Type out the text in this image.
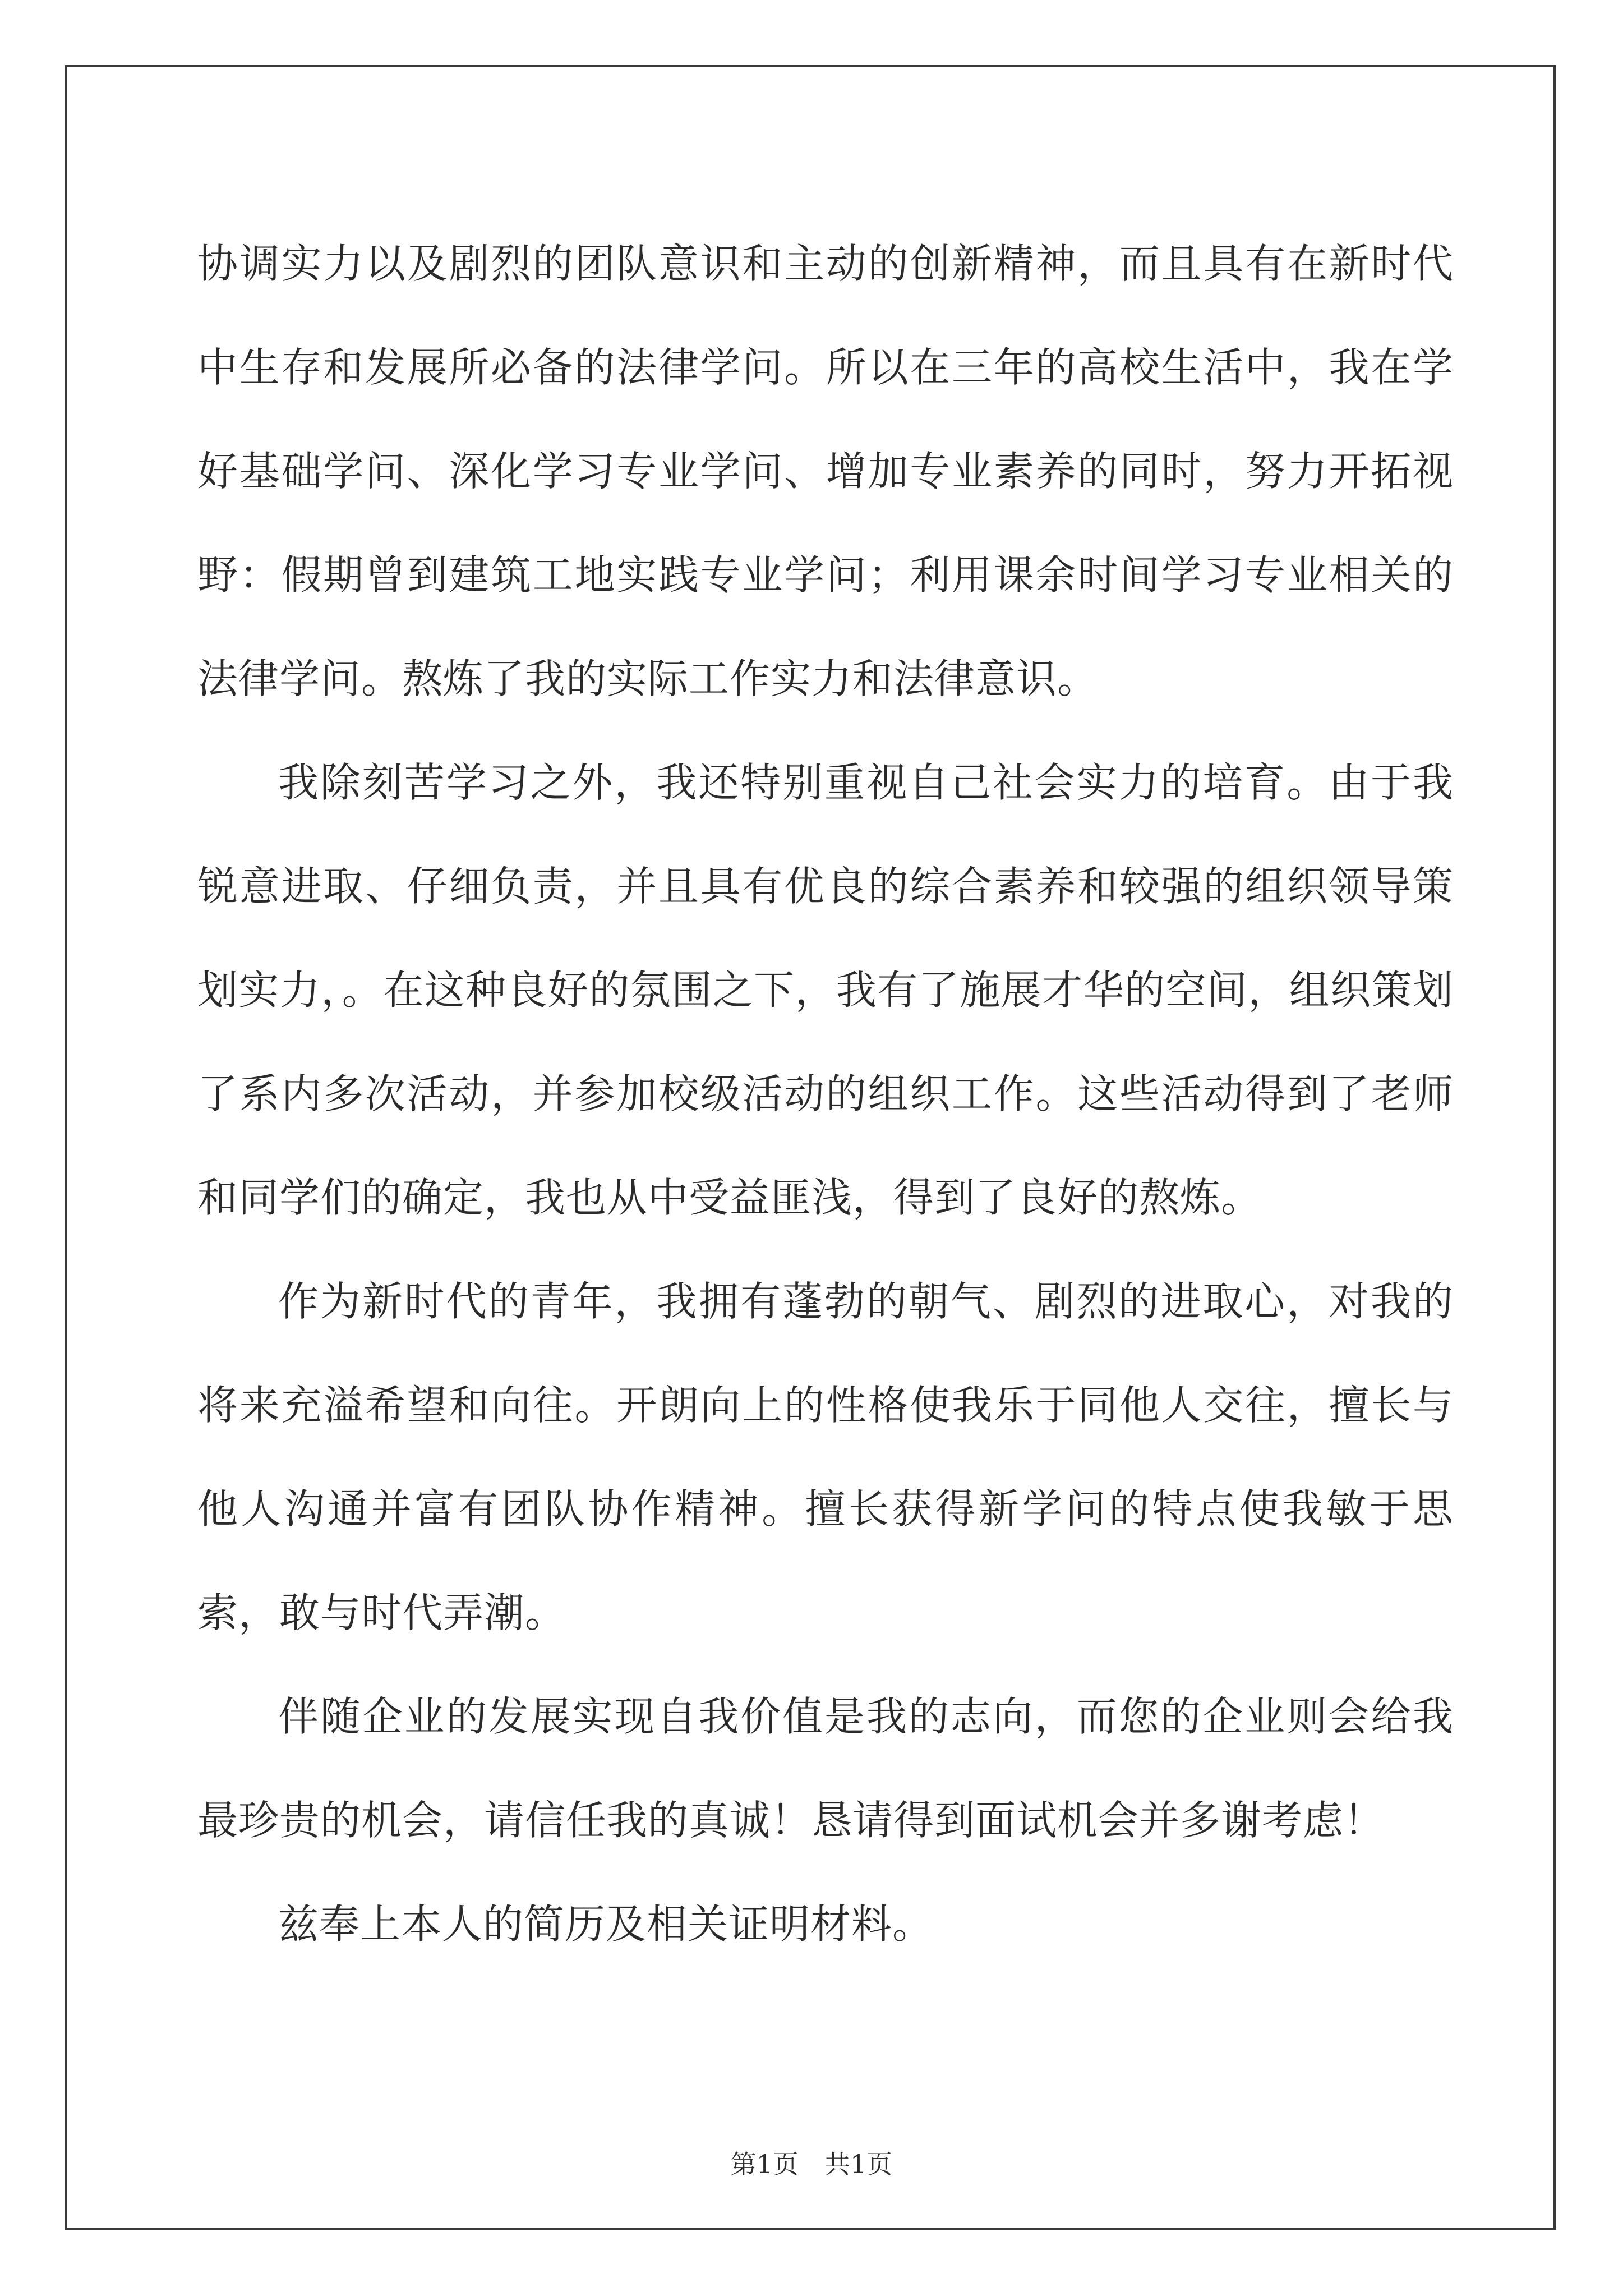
协调实力以及剧烈的团队意识和主动的创新精神，而且具有在新时代中生存和发展所必备的法律学问。所以在三年的高校生活中，我在学好基础学问、深化学习专业学问、增加专业素养的同时，努力开拓视野：假期曾到建筑工地实践专业学问；利用课余时间学习专业相关的法律学问。熬炼了我的实际工作实力和法律意识。

我除刻苦学习之外，我还特别重视自己社会实力的培育。由于我锐意进取、仔细负责，并且具有优良的综合素养和较强的组织领导策划实力，。在这种良好的氛围之下，我有了施展才华的空间，组织策划了系内多次活动，并参加校级活动的组织工作。这些活动得到了老师和同学们的确定，我也从中受益匪浅，得到了良好的熬炼。

作为新时代的青年，我拥有蓬勃的朝气、剧烈的进取心，对我的将来充溢希望和向往。开朗向上的性格使我乐于同他人交往，擅长与他人沟通并富有团队协作精神。擅长获得新学问的特点使我敏于思索，敢与时代弄潮。

伴随企业的发展实现自我价值是我的志向，而您的企业则会给我最珍贵的机会，请信任我的真诚！恳请得到面试机会并多谢考虑！

兹奉上本人的简历及相关证明材料。

第1页 共1页
